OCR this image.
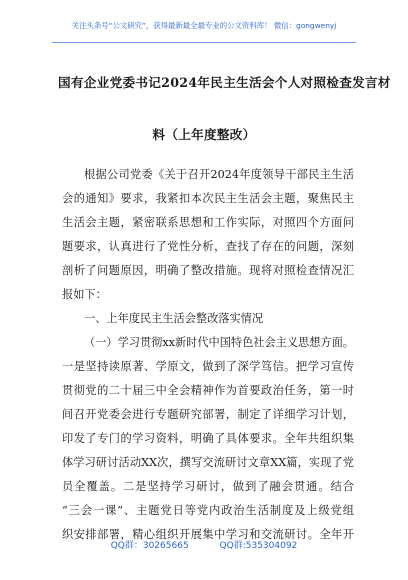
关注头条号“公文研究”，获得最新最全最专业的公文资料库！ 微信：gongwenyj
国有企业党委书记2024年民主生活会个人对照检查发言材
料（上年度整改）
根据公司党委《关于召开2024年度领导干部民主生活
会的通知》要求，我紧扣本次民主生活会主题，聚焦民主
生活会主题，紧密联系思想和工作实际，对照四个方面问
题要求，认真进行了党性分析，查找了存在的问题，深刻
剖析了问题原因，明确了整改措施。现将对照检查情况汇
报如下：
一、上年度民主生活会整改落实情况
（一）学习贯彻xx新时代中国特色社会主义思想方面。
一是坚持读原著、学原文，做到了深学笃信。把学习宣传
贯彻党的二十届三中全会精神作为首要政治任务，第一时
间召开党委会进行专题研究部署，制定了详细学习计划，
印发了专门的学习资料，明确了具体要求。全年共组织集
体学习研讨活动XX次，撰写交流研讨文章XX篇，实现了党
员全覆盖。二是坚持学习研讨，做到了融会贯通。结合
“三会一课”、主题党日等党内政治生活制度及上级党组
织安排部署，精心组织开展集中学习和交流研讨。全年开
QQ群：30265665	QQ群:535304092
